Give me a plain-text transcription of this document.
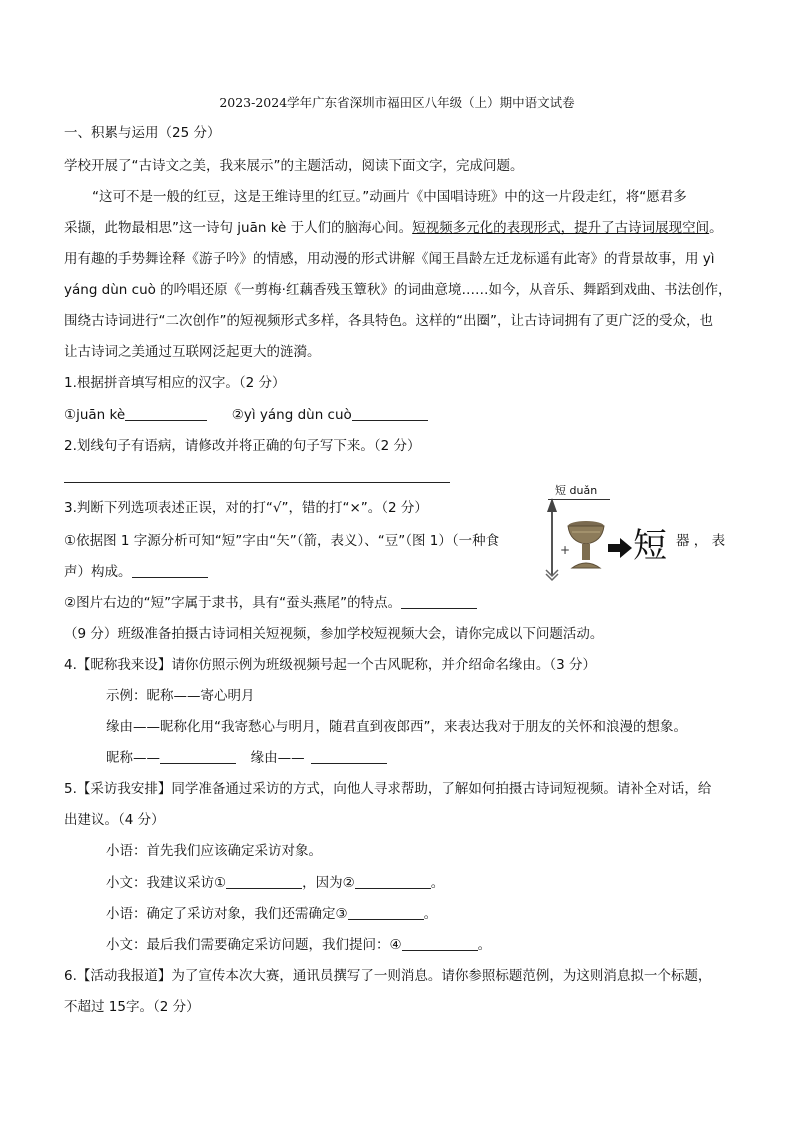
2023-2024学年广东省深圳市福田区八年级（上）期中语文试卷
一、积累与运用（25 分）
学校开展了“古诗文之美，我来展示”的主题活动，阅读下面文字，完成问题。
“这可不是一般的红豆，这是王维诗里的红豆。”动画片《中国唱诗班》中的这一片段走红，将“愿君多
采撷，此物最相思”这一诗句 juān kè 于人们的脑海心间。短视频多元化的表现形式，提升了古诗词展现空间。
用有趣的手势舞诠释《游子吟》的情感，用动漫的形式讲解《闻王昌龄左迁龙标遥有此寄》的背景故事，用 yì
yáng dùn cuò 的吟唱还原《一剪梅·红藕香残玉簟秋》的词曲意境……如今，从音乐、舞蹈到戏曲、书法创作，
围绕古诗词进行“二次创作”的短视频形式多样，各具特色。这样的“出圈”，让古诗词拥有了更广泛的受众，也
让古诗词之美通过互联网泛起更大的涟漪。
1.根据拼音填写相应的汉字。（2 分）
①juān kè	②yì yáng dùn cuò
2.划线句子有语病，请修改并将正确的句子写下来。（2 分）
3.判断下列选项表述正误，对的打“√”，错的打“×”。（2 分）
①依据图 1 字源分析可知“短”字由“矢”（箭，表义）、“豆”（图 1）（一种食	器 ， 表
声）构成。
②图片右边的“短”字属于隶书，具有“蚕头燕尾”的特点。
短 duǎn
+ 短
（9 分）班级准备拍摄古诗词相关短视频，参加学校短视频大会，请你完成以下问题活动。
4.【昵称我来设】请你仿照示例为班级视频号起一个古风昵称，并介绍命名缘由。（3 分）
示例：昵称——寄心明月
缘由——昵称化用“我寄愁心与明月，随君直到夜郎西”，来表达我对于朋友的关怀和浪漫的想象。
昵称——	缘由——
5.【采访我安排】同学准备通过采访的方式，向他人寻求帮助，了解如何拍摄古诗词短视频。请补全对话，给
出建议。（4 分）
小语：首先我们应该确定采访对象。
小文：我建议采访①	，因为②	。
小语：确定了采访对象，我们还需确定③	。
小文：最后我们需要确定采访问题，我们提问：④	。
6.【活动我报道】为了宣传本次大赛，通讯员撰写了一则消息。请你参照标题范例，为这则消息拟一个标题，
不超过 15字。（2 分）
